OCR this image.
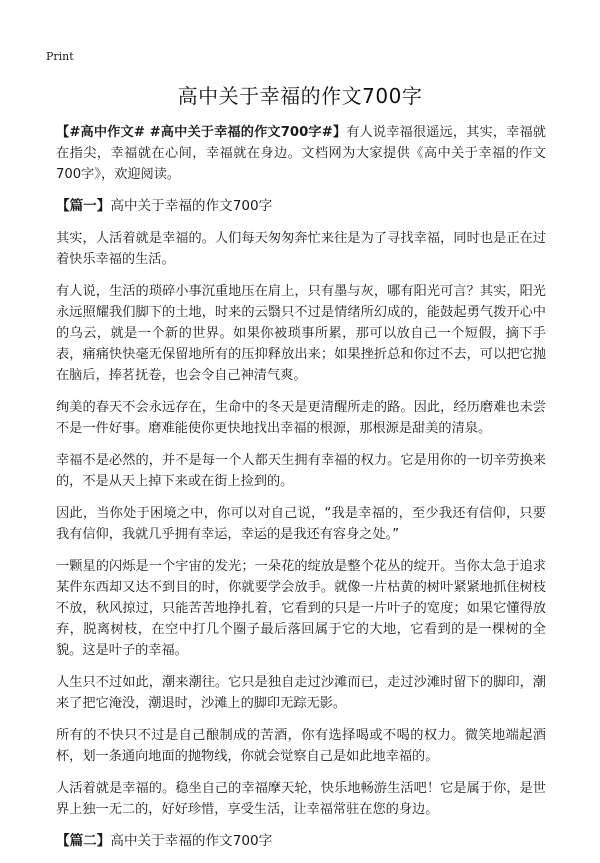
Print
高中关于幸福的作文700字

【#高中作文# #高中关于幸福的作文700字#】有人说幸福很遥远，其实，幸福就在指尖，幸福就在心间，幸福就在身边。文档网为大家提供《高中关于幸福的作文700字》，欢迎阅读。

【篇一】高中关于幸福的作文700字

其实，人活着就是幸福的。人们每天匆匆奔忙来往是为了寻找幸福，同时也是正在过着快乐幸福的生活。

有人说，生活的琐碎小事沉重地压在肩上，只有墨与灰，哪有阳光可言？其实，阳光永远照耀我们脚下的土地，时来的云翳只不过是情绪所幻成的，能鼓起勇气拨开心中的乌云，就是一个新的世界。如果你被琐事所累，那可以放自己一个短假，摘下手表，痛痛快快毫无保留地所有的压抑释放出来；如果挫折总和你过不去，可以把它抛在脑后，捧茗抚卷，也会令自己神清气爽。

绚美的春天不会永远存在，生命中的冬天是更清醒所走的路。因此，经历磨难也未尝不是一件好事。磨难能使你更快地找出幸福的根源，那根源是甜美的清泉。

幸福不是必然的，并不是每一个人都天生拥有幸福的权力。它是用你的一切辛劳换来的，不是从天上掉下来或在街上捡到的。

因此，当你处于困境之中，你可以对自己说，“我是幸福的，至少我还有信仰，只要我有信仰，我就几乎拥有幸运，幸运的是我还有容身之处。”

一颗星的闪烁是一个宇宙的发光；一朵花的绽放是整个花丛的绽开。当你太急于追求某件东西却又达不到目的时，你就要学会放手。就像一片枯黄的树叶紧紧地抓住树枝不放，秋风掠过，只能苦苦地挣扎着，它看到的只是一片叶子的宽度；如果它懂得放弃，脱离树枝，在空中打几个圈子最后落回属于它的大地，它看到的是一棵树的全貌。这是叶子的幸福。

人生只不过如此，潮来潮往。它只是独自走过沙滩而已，走过沙滩时留下的脚印，潮来了把它淹没，潮退时，沙滩上的脚印无踪无影。

所有的不快只不过是自己酿制成的苦酒，你有选择喝或不喝的权力。微笑地端起酒杯，划一条通向地面的抛物线，你就会觉察自己是如此地幸福的。

人活着就是幸福的。稳坐自己的幸福摩天轮，快乐地畅游生活吧！它是属于你，是世界上独一无二的，好好珍惜，享受生活，让幸福常驻在您的身边。

【篇二】高中关于幸福的作文700字
